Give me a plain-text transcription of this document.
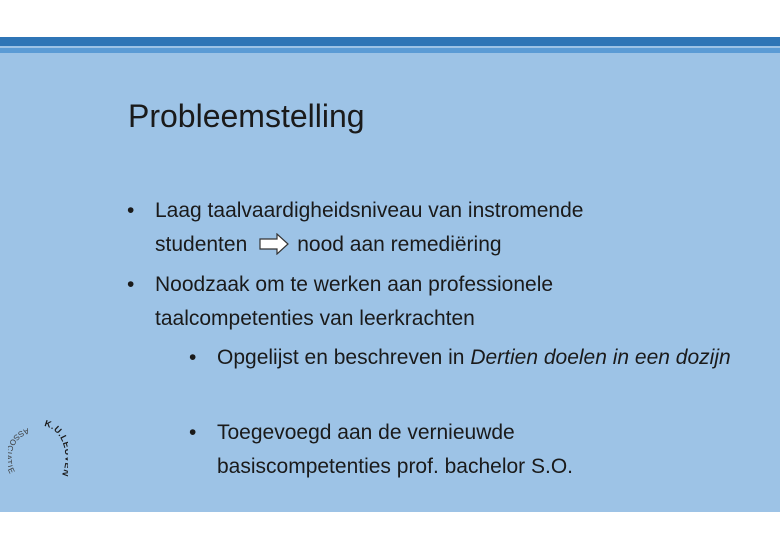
Probleemstelling
• Laag taalvaardigheidsniveau van instromende
studenten nood aan remediëring
• Noodzaak om te werken aan professionele
taalcompetenties van leerkrachten
• Opgelijst en beschreven in Dertien doelen in een dozijn
• Toegevoegd aan de vernieuwde
basiscompetenties prof. bachelor S.O.
ASS
K.U.
